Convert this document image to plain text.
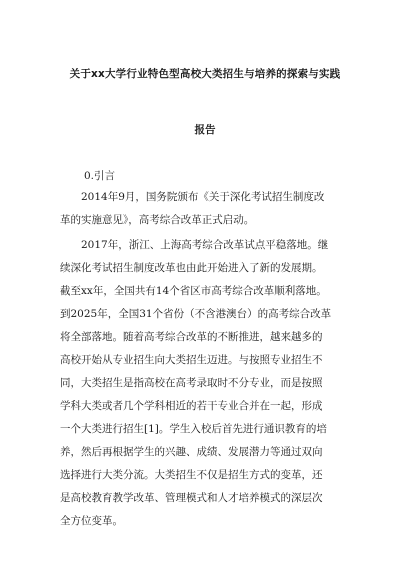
关于xx大学行业特色型高校大类招生与培养的探索与实践
报告
0.引言
　　2014年9月，国务院颁布《关于深化考试招生制度改
革的实施意见》，高考综合改革正式启动。
　　2017年，浙江、上海高考综合改革试点平稳落地。继
续深化考试招生制度改革也由此开始进入了新的发展期。
截至xx年，全国共有14个省区市高考综合改革顺利落地。
到2025年，全国31个省份（不含港澳台）的高考综合改革
将全部落地。随着高考综合改革的不断推进，越来越多的
高校开始从专业招生向大类招生迈进。与按照专业招生不
同，大类招生是指高校在高考录取时不分专业，而是按照
学科大类或者几个学科相近的若干专业合并在一起，形成
一个大类进行招生[1]。学生入校后首先进行通识教育的培
养，然后再根据学生的兴趣、成绩、发展潜力等通过双向
选择进行大类分流。大类招生不仅是招生方式的变革，还
是高校教育教学改革、管理模式和人才培养模式的深层次
全方位变革。
